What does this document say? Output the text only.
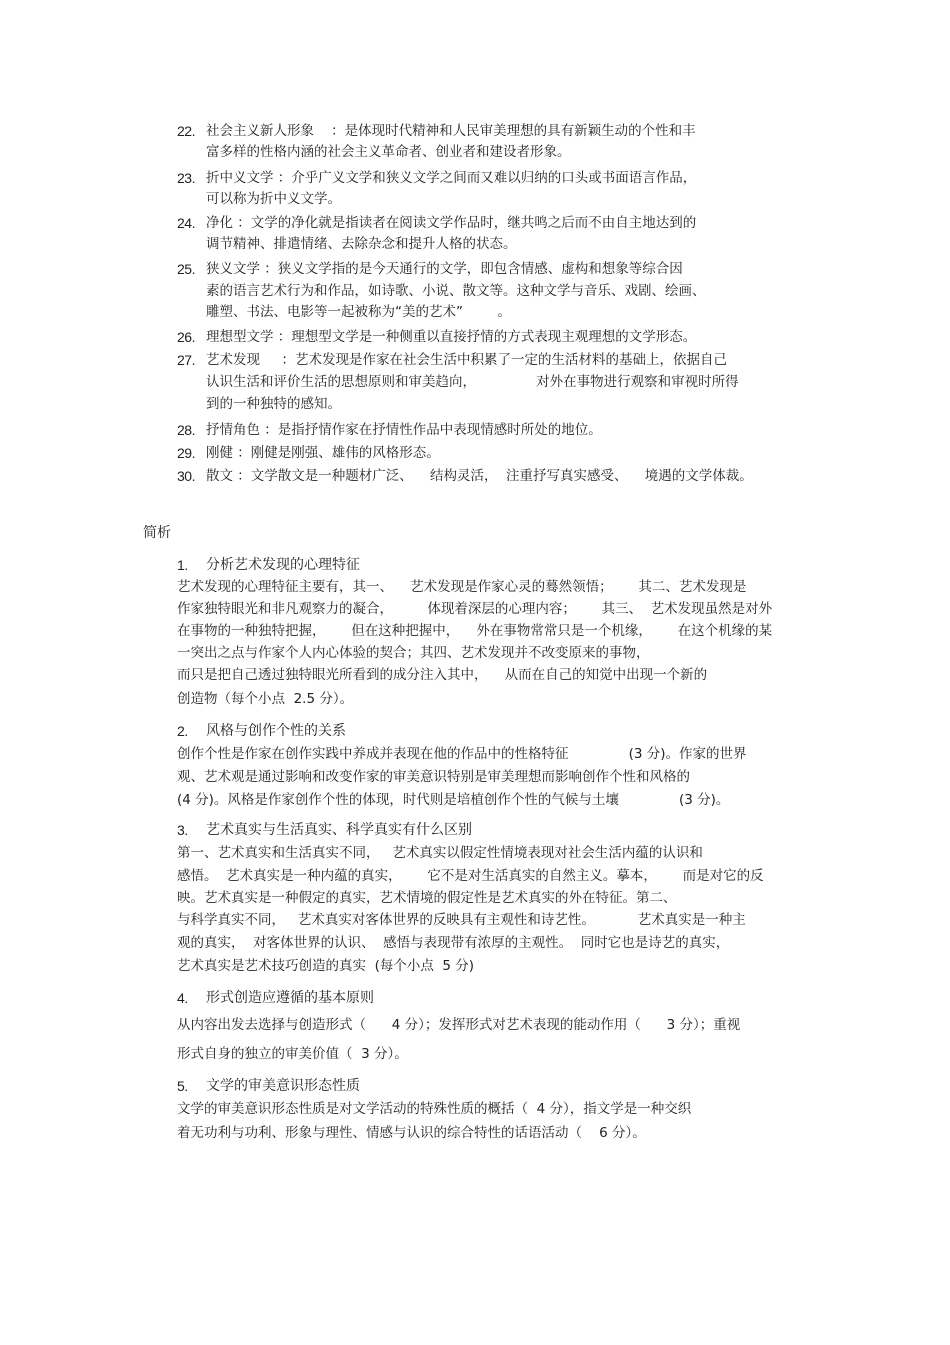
22. 社会主义新人形象    ：是体现时代精神和人民审美理想的具有新颖生动的个性和丰
富多样的性格内涵的社会主义革命者、创业者和建设者形象。
23. 折中义文学 ：介乎广义文学和狭义文学之间而又难以归纳的口头或书面语言作品，
可以称为折中义文学。
24. 净化 ：文学的净化就是指读者在阅读文学作品时，继共鸣之后而不由自主地达到的
调节精神、排遣情绪、去除杂念和提升人格的状态。
25. 狭义文学 ：狭义文学指的是今天通行的文学，即包含情感、虚构和想象等综合因
素的语言艺术行为和作品，如诗歌、小说、散文等。这种文学与音乐、戏剧、绘画、
雕塑、书法、电影等一起被称为“美的艺术”        。
26. 理想型文学 ：理想型文学是一种侧重以直接抒情的方式表现主观理想的文学形态。
27. 艺术发现     ：艺术发现是作家在社会生活中积累了一定的生活材料的基础上，依据自己
认识生活和评价生活的思想原则和审美趋向，              对外在事物进行观察和审视时所得
到的一种独特的感知。
28. 抒情角色 ：是指抒情作家在抒情性作品中表现情感时所处的地位。
29. 刚健 ：刚健是刚强、雄伟的风格形态。
30. 散文 ：文学散文是一种题材广泛、    结构灵活，  注重抒写真实感受、    境遇的文学体裁。
简析
1. 分析艺术发现的心理特征
艺术发现的心理特征主要有，其一、    艺术发现是作家心灵的蓦然领悟；      其二、艺术发现是
作家独特眼光和非凡观察力的凝合，        体现着深层的心理内容；      其三、  艺术发现虽然是对外
在事物的一种独特把握，      但在这种把握中，    外在事物常常只是一个机缘，      在这个机缘的某
一突出之点与作家个人内心体验的契合；其四、艺术发现并不改变原来的事物，
而只是把自己透过独特眼光所看到的成分注入其中，    从而在自己的知觉中出现一个新的
创造物（每个小点  2.5 分）。
2. 风格与创作个性的关系
创作个性是作家在创作实践中养成并表现在他的作品中的性格特征              (3 分)。作家的世界
观、艺术观是通过影响和改变作家的审美意识特别是审美理想而影响创作个性和风格的
(4 分)。风格是作家创作个性的体现，时代则是培植创作个性的气候与土壤              (3 分)。
3. 艺术真实与生活真实、科学真实有什么区别
第一、艺术真实和生活真实不同，   艺术真实以假定性情境表现对社会生活内蕴的认识和
感悟。  艺术真实是一种内蕴的真实，      它不是对生活真实的自然主义。摹本，      而是对它的反
映。艺术真实是一种假定的真实，艺术情境的假定性是艺术真实的外在特征。第二、
与科学真实不同，   艺术真实对客体世界的反映具有主观性和诗艺性。          艺术真实是一种主
观的真实，  对客体世界的认识、  感悟与表现带有浓厚的主观性。  同时它也是诗艺的真实，
艺术真实是艺术技巧创造的真实  (每个小点  5 分)
4. 形式创造应遵循的基本原则
从内容出发去选择与创造形式（      4 分）；发挥形式对艺术表现的能动作用（      3 分）；重视
形式自身的独立的审美价值（  3 分）。
5. 文学的审美意识形态性质
文学的审美意识形态性质是对文学活动的特殊性质的概括（  4 分），指文学是一种交织
着无功利与功利、形象与理性、情感与认识的综合特性的话语活动（    6 分）。
